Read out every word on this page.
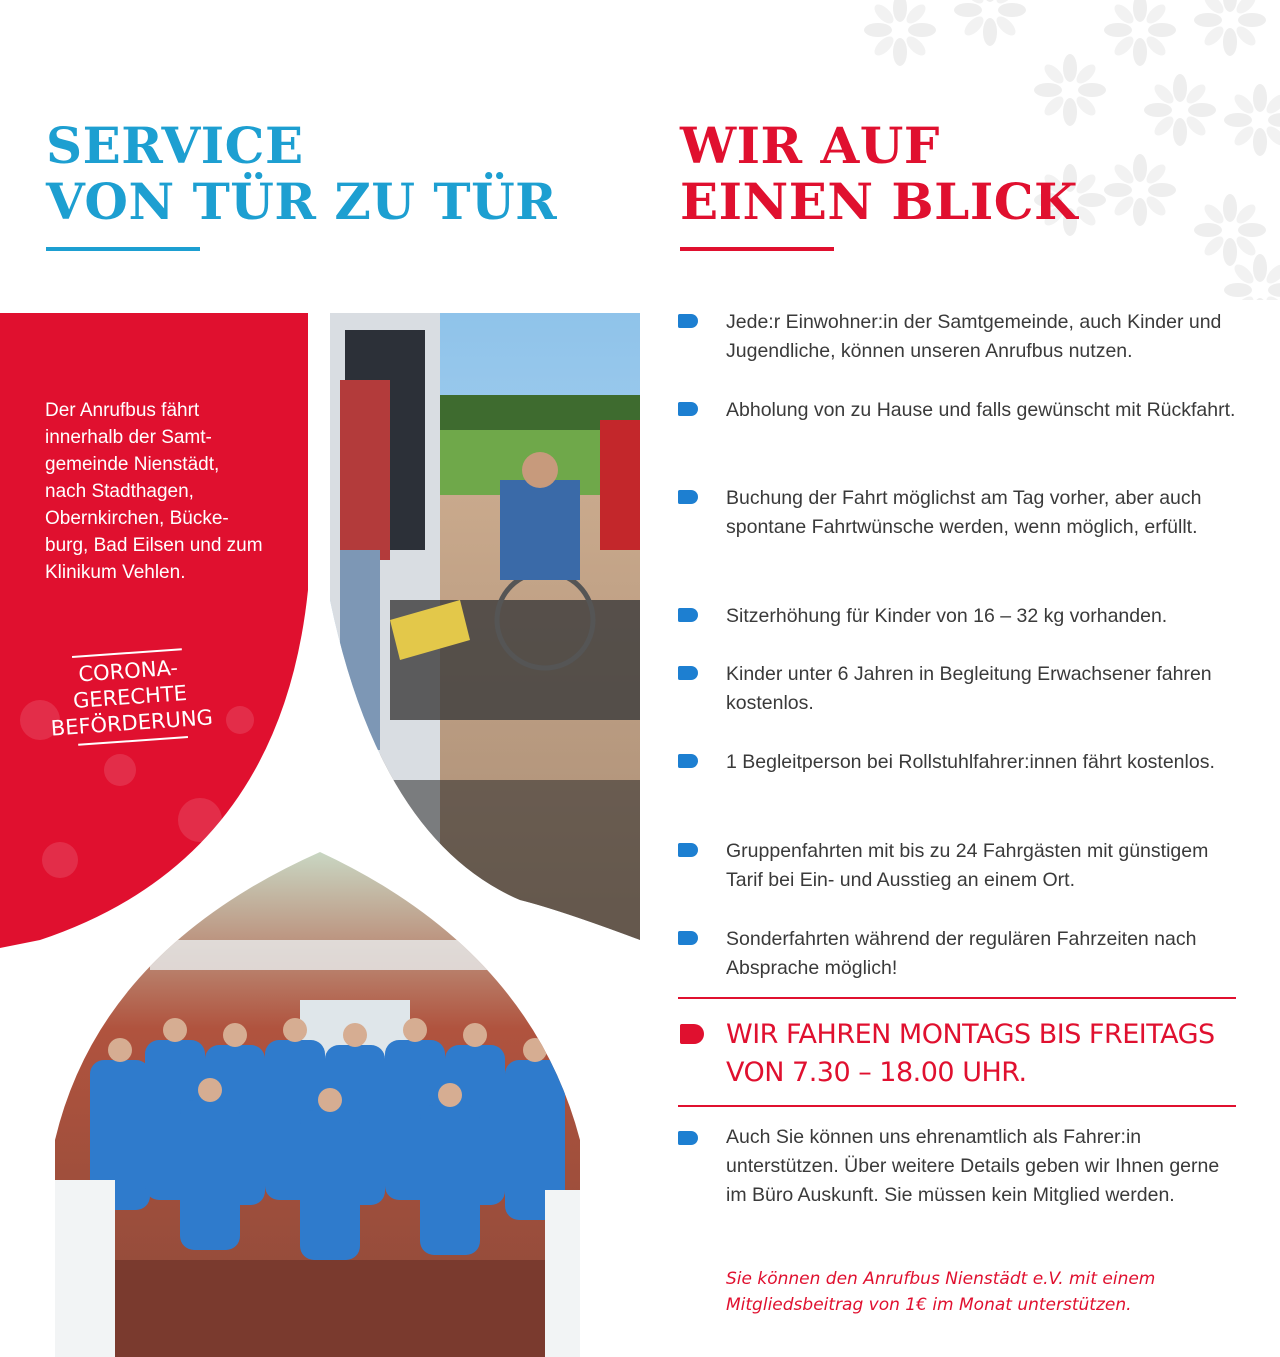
SERVICE
VON TÜR ZU TÜR
WIR AUF
EINEN BLICK

Der Anrufbus fährt innerhalb der Samt-gemeinde Nienstädt, nach Stadthagen, Obernkirchen, Bücke-burg, Bad Eilsen und zum Klinikum Vehlen.

CORONA-
GERECHTE
BEFÖRDERUNG
Jede:r Einwohner:in der Samtgemeinde, auch Kinder und Jugendliche, können unseren Anrufbus nutzen.
Abholung von zu Hause und falls gewünscht mit Rückfahrt.
Buchung der Fahrt möglichst am Tag vorher, aber auch spontane Fahrtwünsche werden, wenn möglich, erfüllt.
Sitzerhöhung für Kinder von 16 – 32 kg vorhanden.
Kinder unter 6 Jahren in Begleitung Erwachsener fahren kostenlos.
1 Begleitperson bei Rollstuhlfahrer:innen fährt kostenlos.
Gruppenfahrten mit bis zu 24 Fahrgästen mit günstigem Tarif bei Ein- und Ausstieg an einem Ort.
Sonderfahrten während der regulären Fahrzeiten nach Absprache möglich!

WIR FAHREN MONTAGS BIS FREITAGS
VON 7.30 – 18.00 UHR.

Auch Sie können uns ehrenamtlich als Fahrer:in unterstützen. Über weitere Details geben wir Ihnen gerne im Büro Auskunft. Sie müssen kein Mitglied werden.

Sie können den Anrufbus Nienstädt e.V. mit einem Mitgliedsbeitrag von 1€ im Monat unterstützen.
